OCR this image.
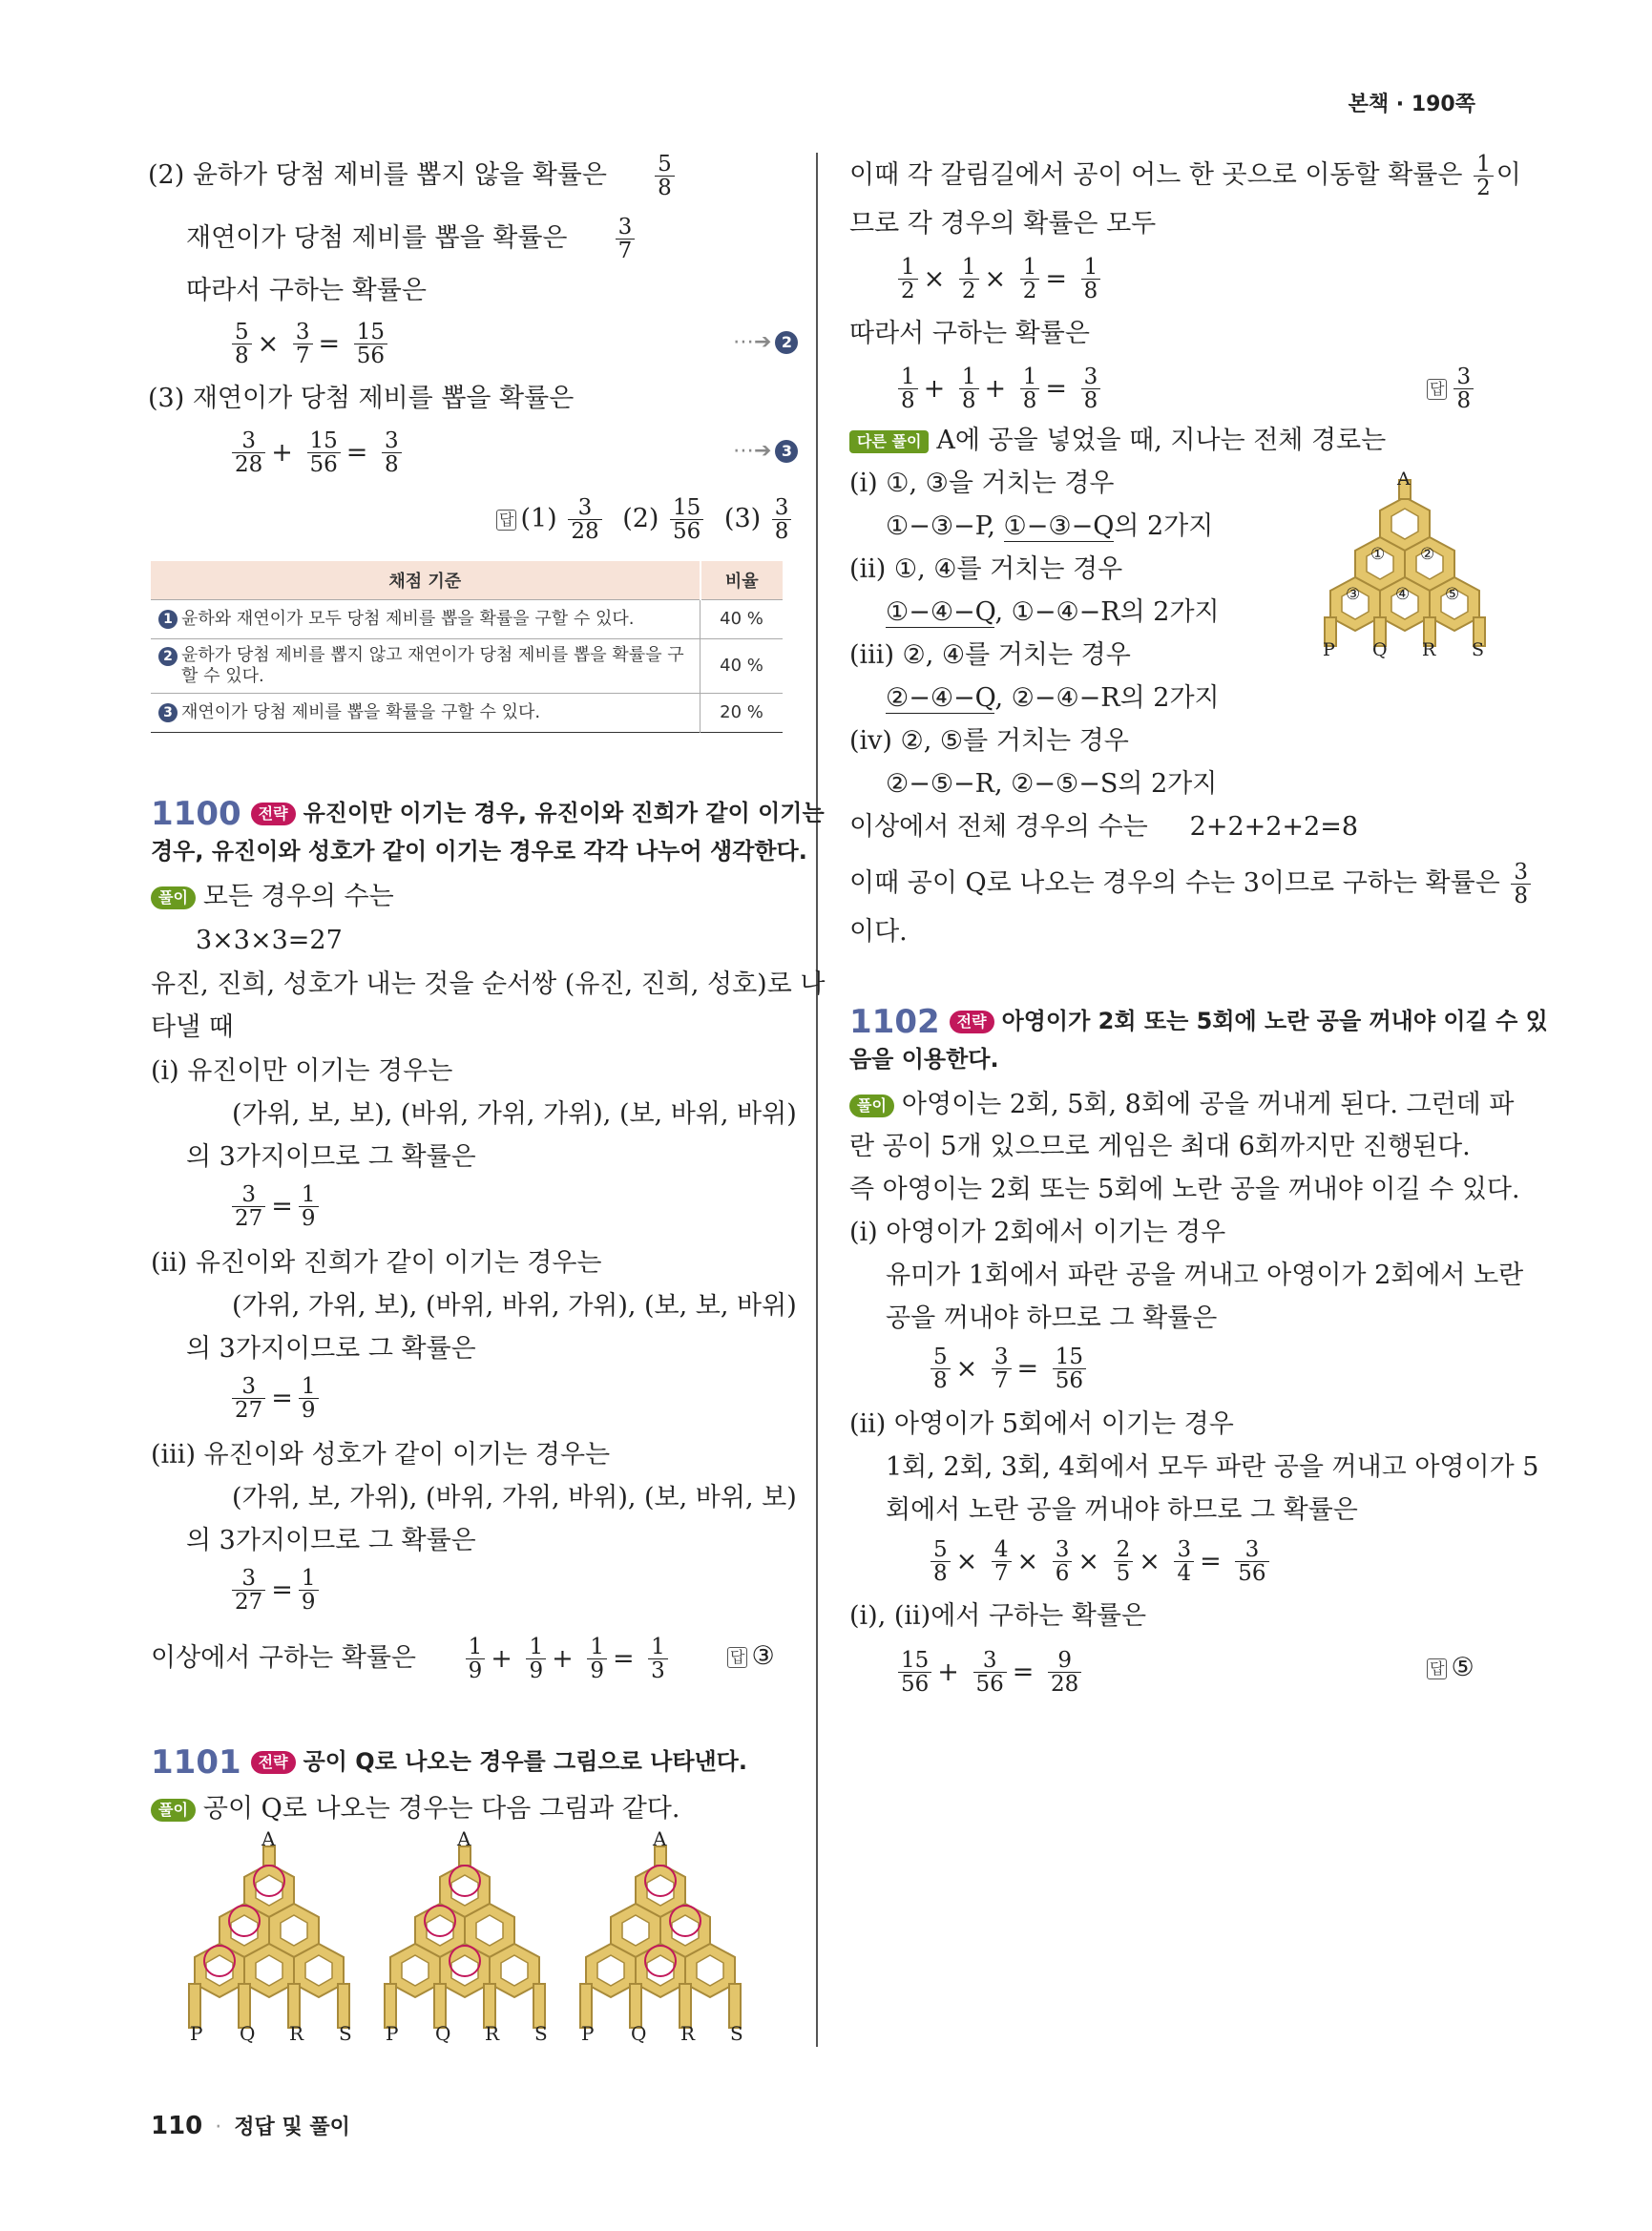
본책 · 190쪽
(2) 윤하가 당첨 제비를 뽑지 않을 확률은 $\frac{5}{8}$
재연이가 당첨 제비를 뽑을 확률은 $\frac{3}{7}$
따라서 구하는 확률은
$\frac{5}{8} \times \frac{3}{7} = \frac{15}{56}$	⋯➔ 2
(3) 재연이가 당첨 제비를 뽑을 확률은
$\frac{3}{28} + \frac{15}{56} = \frac{3}{8}$	⋯➔ 3
답 $(1) \frac{3}{28} (2) \frac{15}{56} (3) \frac{3}{8}$
채점 기준	비율
1 윤하와 재연이가 모두 당첨 제비를 뽑을 확률을 구할 수 있다.	40 %

2 윤하가 당첨 제비를 뽑지 않고 재연이가 당첨 제비를 뽑을 확률을 구할 수 있다.	40 %
3 재연이가 당첨 제비를 뽑을 확률을 구할 수 있다.	20 %
1100 전략 유진이만 이기는 경우, 유진이와 진희가 같이 이기는
경우, 유진이와 성호가 같이 이기는 경우로 각각 나누어 생각한다.
풀이 모든 경우의 수는
3×3×3=27
유진, 진희, 성호가 내는 것을 순서쌍 (유진, 진희, 성호)로 나
타낼 때
(ⅰ) 유진이만 이기는 경우는
(가위, 보, 보), (바위, 가위, 가위), (보, 바위, 바위)
의 3가지이므로 그 확률은
$\frac{3}{27} = \frac{1}{9}$
(ⅱ) 유진이와 진희가 같이 이기는 경우는
(가위, 가위, 보), (바위, 바위, 가위), (보, 보, 바위)
의 3가지이므로 그 확률은
$\frac{3}{27} = \frac{1}{9}$
(ⅲ) 유진이와 성호가 같이 이기는 경우는
(가위, 보, 가위), (바위, 가위, 바위), (보, 바위, 보)
의 3가지이므로 그 확률은
$\frac{3}{27} = \frac{1}{9}$
이상에서 구하는 확률은 $\frac{1}{9} + \frac{1}{9} + \frac{1}{9} = \frac{1}{3}$	답 ③
1101 전략 공이 Q로 나오는 경우를 그림으로 나타낸다.
풀이 공이 Q로 나오는 경우는 다음 그림과 같다.
A
P Q R S
A
P Q R S
A
P Q R S
110 · 정답 및 풀이
이때 각 갈림길에서 공이 어느 한 곳으로 이동할 확률은 $\frac{1}{2}$ 이
므로 각 경우의 확률은 모두
$\frac{1}{2} \times \frac{1}{2} \times \frac{1}{2} = \frac{1}{8}$
따라서 구하는 확률은
$\frac{1}{8} + \frac{1}{8} + \frac{1}{8} = \frac{3}{8}$	답 $\frac{3}{8}$
다른 풀이 A에 공을 넣었을 때, 지나는 전체 경로는
(ⅰ) ①, ③을 거치는 경우
①−③−P, ①−③−Q의 2가지
(ⅱ) ①, ④를 거치는 경우
①−④−Q, ①−④−R의 2가지
(ⅲ) ②, ④를 거치는 경우
②−④−Q, ②−④−R의 2가지
(ⅳ) ②, ⑤를 거치는 경우
②−⑤−R, ②−⑤−S의 2가지
이상에서 전체 경우의 수는 2+2+2+2=8
이때 공이 Q로 나오는 경우의 수는 3이므로 구하는 확률은 $\frac{3}{8}$
이다.
A
① ②
③ ④ ⑤
P Q R S
1102 전략 아영이가 2회 또는 5회에 노란 공을 꺼내야 이길 수 있
음을 이용한다.
풀이 아영이는 2회, 5회, 8회에 공을 꺼내게 된다. 그런데 파
란 공이 5개 있으므로 게임은 최대 6회까지만 진행된다.
즉 아영이는 2회 또는 5회에 노란 공을 꺼내야 이길 수 있다.
(ⅰ) 아영이가 2회에서 이기는 경우
유미가 1회에서 파란 공을 꺼내고 아영이가 2회에서 노란
공을 꺼내야 하므로 그 확률은
$\frac{5}{8} \times \frac{3}{7} = \frac{15}{56}$
(ⅱ) 아영이가 5회에서 이기는 경우
1회, 2회, 3회, 4회에서 모두 파란 공을 꺼내고 아영이가 5
회에서 노란 공을 꺼내야 하므로 그 확률은
$\frac{5}{8} \times \frac{4}{7} \times \frac{3}{6} \times \frac{2}{5} \times \frac{3}{4} = \frac{3}{56}$
(ⅰ), (ⅱ)에서 구하는 확률은
$\frac{15}{56} + \frac{3}{56} = \frac{9}{28}$	답 ⑤
